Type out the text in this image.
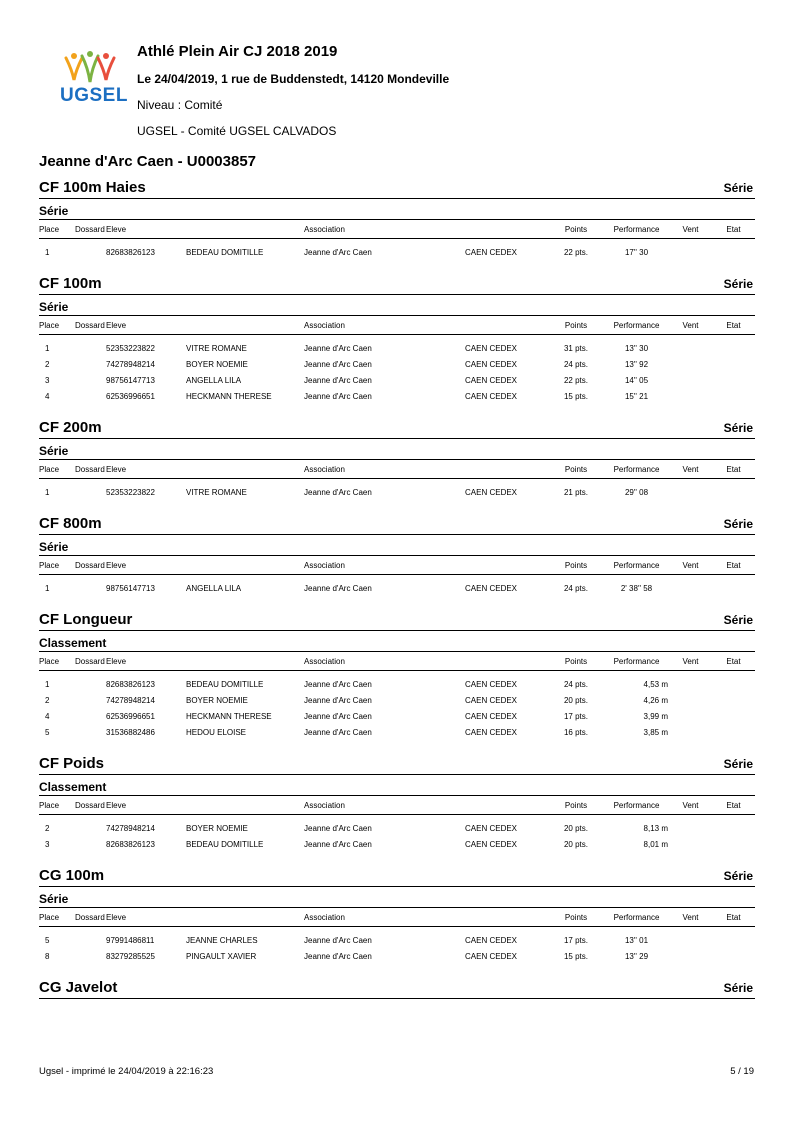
UGSEL
Athlé Plein Air CJ 2018 2019
Le 24/04/2019, 1 rue de Buddenstedt, 14120 Mondeville
Niveau : Comité
UGSEL - Comité UGSEL CALVADOS
Jeanne d'Arc Caen - U0003857
CF 100m Haies	Série
Série
Place	Dossard	Eleve		Association		Points	Performance	Vent	Etat

1		82683826123	BEDEAU DOMITILLE	Jeanne d'Arc Caen	CAEN CEDEX	22 pts.	17'' 30		

CF 100m	Série
Série
Place	Dossard	Eleve		Association		Points	Performance	Vent	Etat

1		52353223822	VITRE ROMANE	Jeanne d'Arc Caen	CAEN CEDEX	31 pts.	13'' 30		
2		74278948214	BOYER NOEMIE	Jeanne d'Arc Caen	CAEN CEDEX	24 pts.	13'' 92		
3		98756147713	ANGELLA LILA	Jeanne d'Arc Caen	CAEN CEDEX	22 pts.	14'' 05		
4		62536996651	HECKMANN THERESE	Jeanne d'Arc Caen	CAEN CEDEX	15 pts.	15'' 21		

CF 200m	Série
Série
Place	Dossard	Eleve		Association		Points	Performance	Vent	Etat

1		52353223822	VITRE ROMANE	Jeanne d'Arc Caen	CAEN CEDEX	21 pts.	29'' 08		

CF 800m	Série
Série
Place	Dossard	Eleve		Association		Points	Performance	Vent	Etat

1		98756147713	ANGELLA LILA	Jeanne d'Arc Caen	CAEN CEDEX	24 pts.	2' 38'' 58		

CF Longueur	Série
Classement
Place	Dossard	Eleve		Association		Points	Performance	Vent	Etat

1		82683826123	BEDEAU DOMITILLE	Jeanne d'Arc Caen	CAEN CEDEX	24 pts.	4,53 m		
2		74278948214	BOYER NOEMIE	Jeanne d'Arc Caen	CAEN CEDEX	20 pts.	4,26 m		
4		62536996651	HECKMANN THERESE	Jeanne d'Arc Caen	CAEN CEDEX	17 pts.	3,99 m		
5		31536882486	HEDOU ELOISE	Jeanne d'Arc Caen	CAEN CEDEX	16 pts.	3,85 m		

CF Poids	Série
Classement
Place	Dossard	Eleve		Association		Points	Performance	Vent	Etat

2		74278948214	BOYER NOEMIE	Jeanne d'Arc Caen	CAEN CEDEX	20 pts.	8,13 m		
3		82683826123	BEDEAU DOMITILLE	Jeanne d'Arc Caen	CAEN CEDEX	20 pts.	8,01 m		

CG 100m	Série
Série
Place	Dossard	Eleve		Association		Points	Performance	Vent	Etat

5		97991486811	JEANNE CHARLES	Jeanne d'Arc Caen	CAEN CEDEX	17 pts.	13'' 01		
8		83279285525	PINGAULT XAVIER	Jeanne d'Arc Caen	CAEN CEDEX	15 pts.	13'' 29		

CG Javelot	Série
Ugsel - imprimé le 24/04/2019 à 22:16:23	5 / 19
